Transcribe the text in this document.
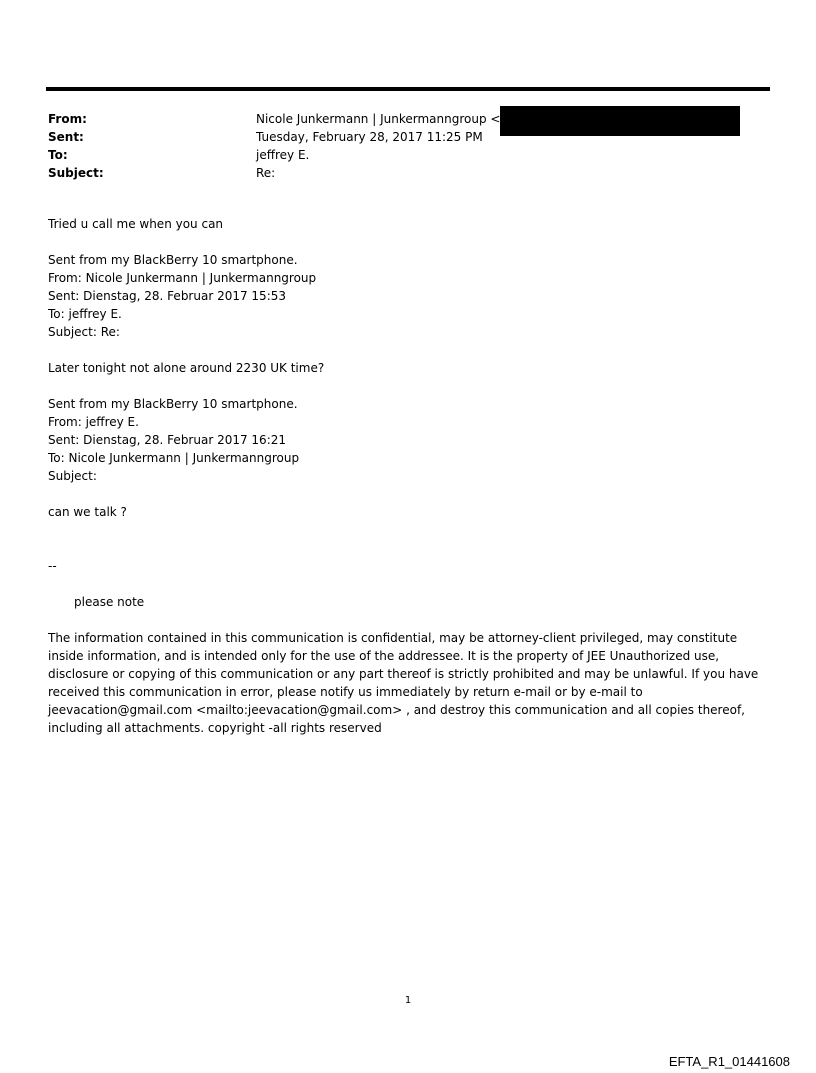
From:	Nicole Junkermann | Junkermanngroup <
Sent:	Tuesday, February 28, 2017 11:25 PM
To:	jeffrey E.
Subject:	Re:
Tried u call me when you can
Sent from my BlackBerry 10 smartphone.
From: Nicole Junkermann | Junkermanngroup
Sent: Dienstag, 28. Februar 2017 15:53
To: jeffrey E.
Subject: Re:
Later tonight not alone around 2230 UK time?
Sent from my BlackBerry 10 smartphone.
From: jeffrey E.
Sent: Dienstag, 28. Februar 2017 16:21
To: Nicole Junkermann | Junkermanngroup
Subject:
can we talk ?
--
please note
The information contained in this communication is confidential, may be attorney-client privileged, may constitute inside information, and is intended only for the use of the addressee. It is the property of JEE Unauthorized use, disclosure or copying of this communication or any part thereof is strictly prohibited and may be unlawful. If you have received this communication in error, please notify us immediately by return e-mail or by e-mail to jeevacation@gmail.com <mailto:jeevacation@gmail.com> , and destroy this communication and all copies thereof, including all attachments. copyright -all rights reserved
1
EFTA_R1_01441608
